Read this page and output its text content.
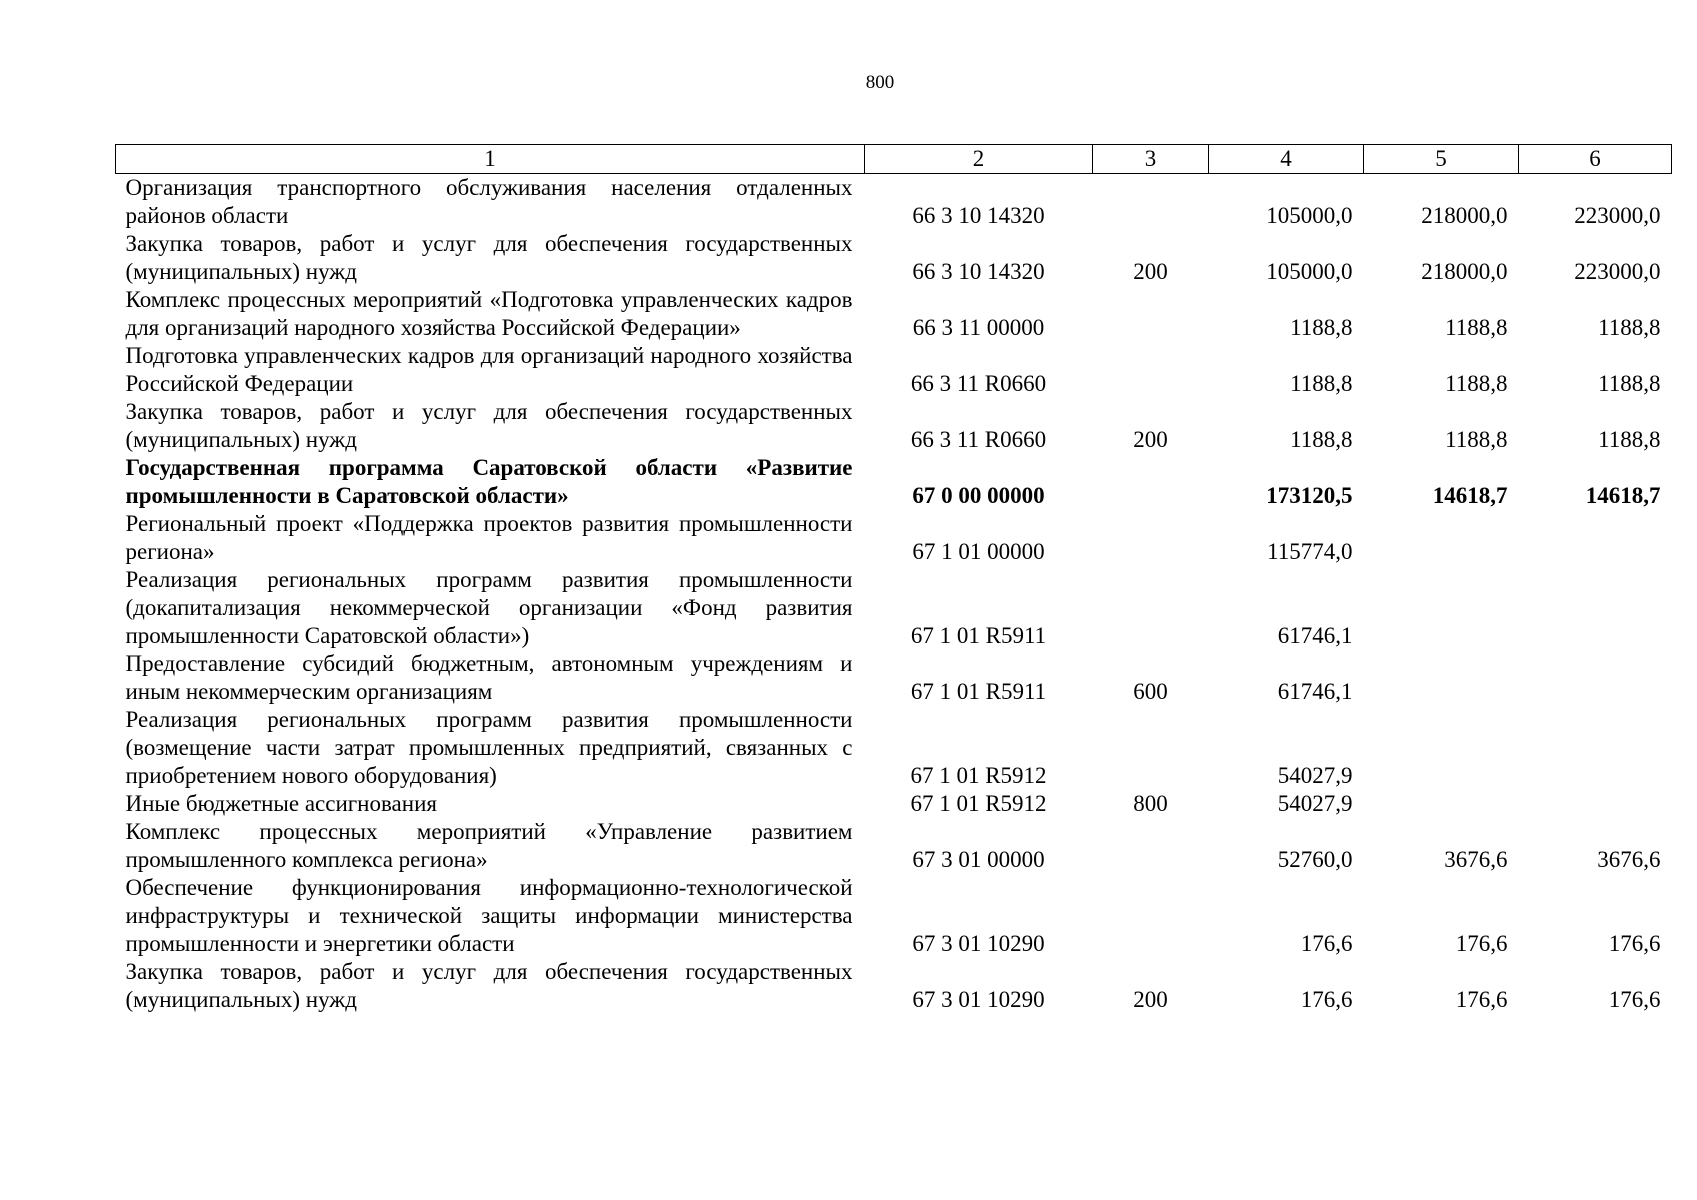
800
1	2	3	4	5	6
Организация транспортного обслуживания населения отдаленных районов области	66 3 10 14320		105000,0	218000,0	223000,0
Закупка товаров, работ и услуг для обеспечения государственных (муниципальных) нужд	66 3 10 14320	200	105000,0	218000,0	223000,0
Комплекс процессных мероприятий «Подготовка управленческих кадров для организаций народного хозяйства Российской Федерации»	66 3 11 00000		1188,8	1188,8	1188,8
Подготовка управленческих кадров для организаций народного хозяйства Российской Федерации	66 3 11 R0660		1188,8	1188,8	1188,8
Закупка товаров, работ и услуг для обеспечения государственных (муниципальных) нужд	66 3 11 R0660	200	1188,8	1188,8	1188,8
Государственная программа Саратовской области «Развитие промышленности в Саратовской области»	67 0 00 00000		173120,5	14618,7	14618,7
Региональный проект «Поддержка проектов развития промышленности региона»	67 1 01 00000		115774,0		
Реализация региональных программ развития промышленности (докапитализация некоммерческой организации «Фонд развития промышленности Саратовской области»)	67 1 01 R5911		61746,1		
Предоставление субсидий бюджетным, автономным учреждениям и иным некоммерческим организациям	67 1 01 R5911	600	61746,1		
Реализация региональных программ развития промышленности (возмещение части затрат промышленных предприятий, связанных с приобретением нового оборудования)	67 1 01 R5912		54027,9		
Иные бюджетные ассигнования	67 1 01 R5912	800	54027,9		
Комплекс процессных мероприятий «Управление развитием промышленного комплекса региона»	67 3 01 00000		52760,0	3676,6	3676,6
Обеспечение функционирования информационно-технологической инфраструктуры и технической защиты информации министерства промышленности и энергетики области	67 3 01 10290		176,6	176,6	176,6
Закупка товаров, работ и услуг для обеспечения государственных (муниципальных) нужд	67 3 01 10290	200	176,6	176,6	176,6
